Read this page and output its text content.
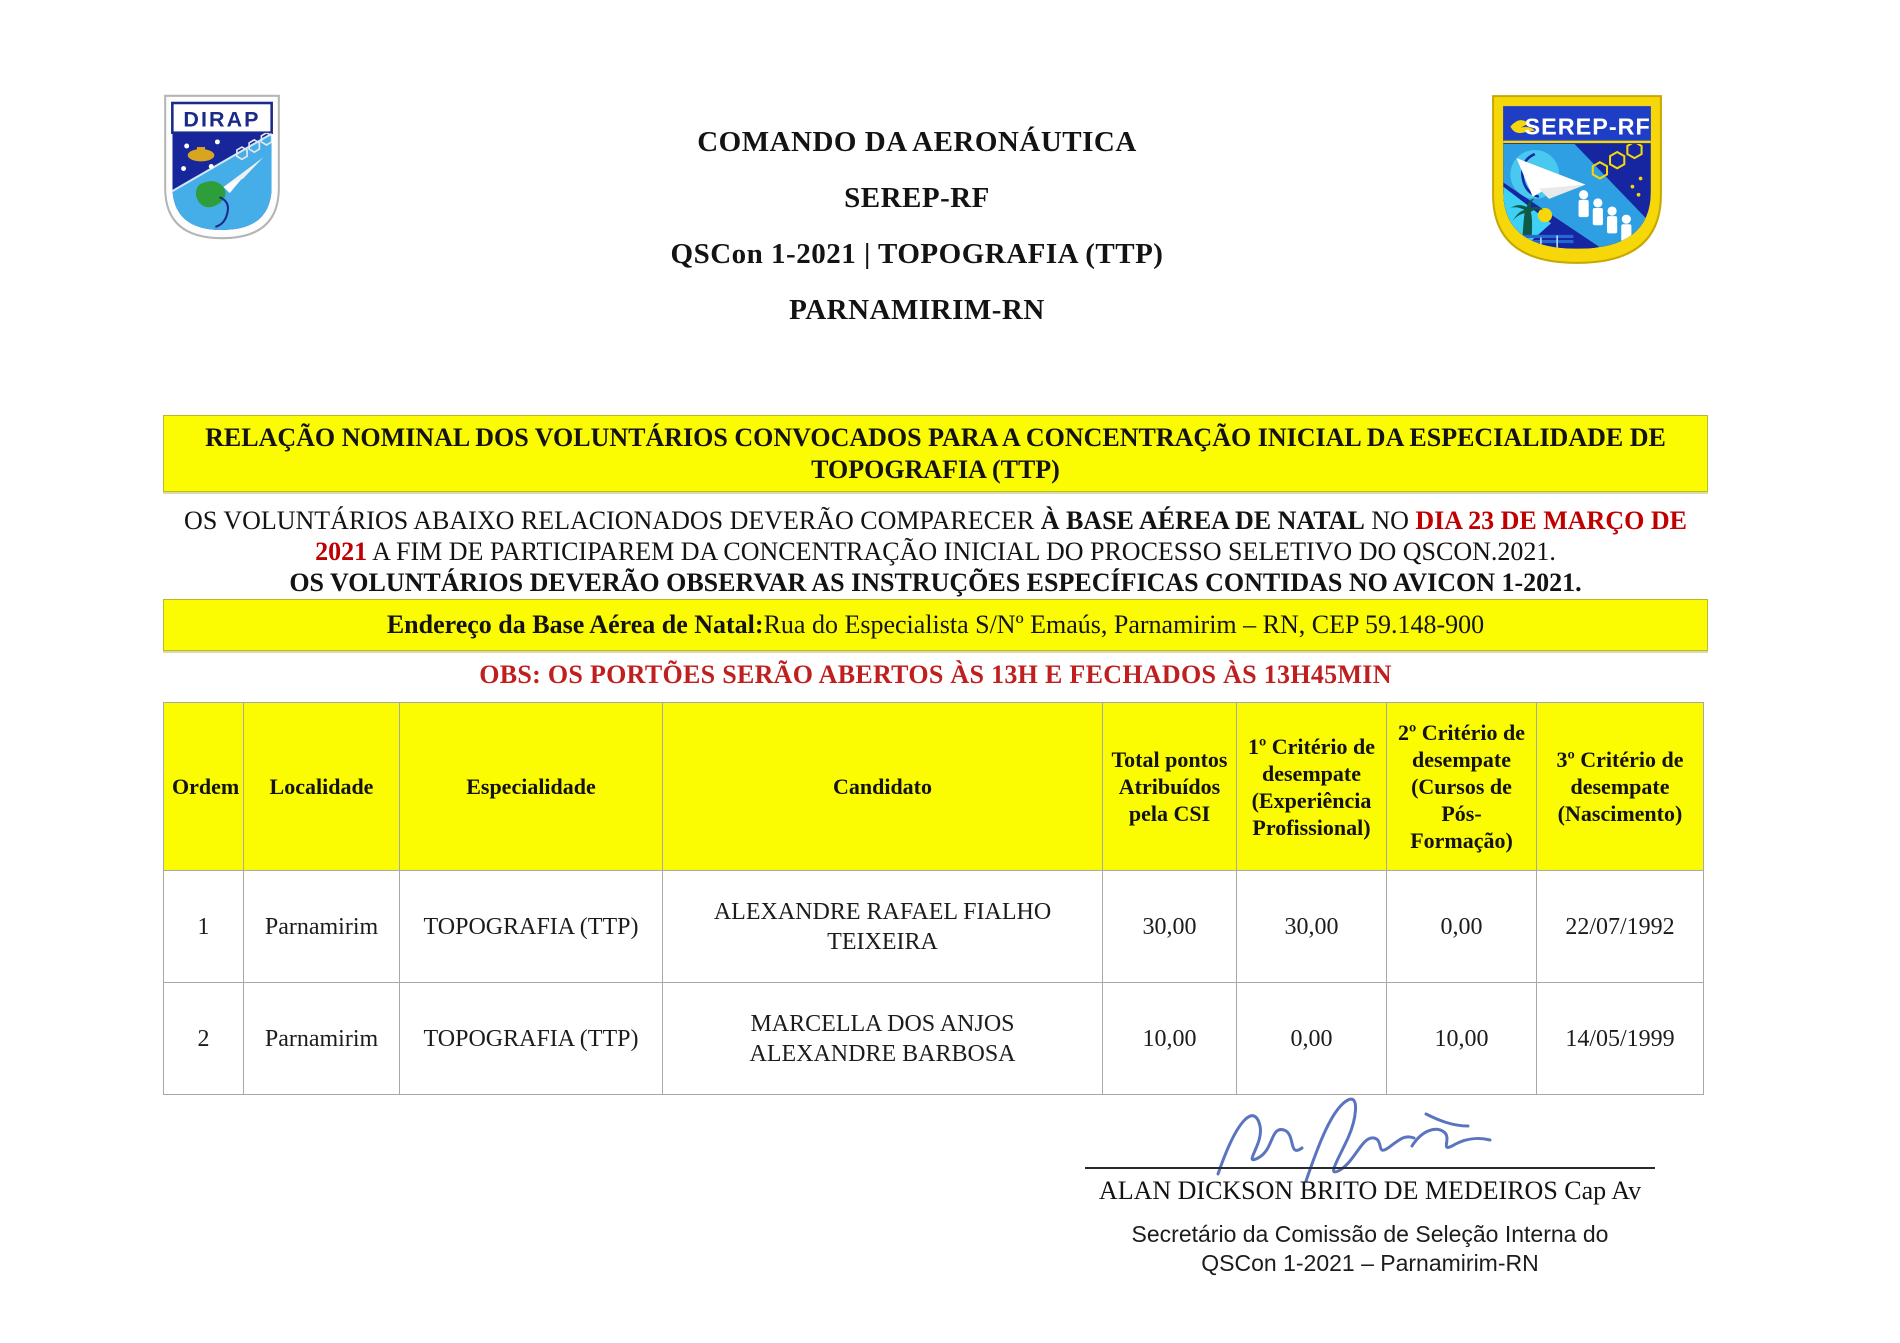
DIRAP	SEREP-RF
COMANDO DA AERONÁUTICA
SEREP-RF
QSCon 1-2021 | TOPOGRAFIA (TTP)
PARNAMIRIM-RN
RELAÇÃO NOMINAL DOS VOLUNTÁRIOS CONVOCADOS PARA A CONCENTRAÇÃO INICIAL DA ESPECIALIDADE DE
TOPOGRAFIA (TTP)
OS VOLUNTÁRIOS ABAIXO RELACIONADOS DEVERÃO COMPARECER À BASE AÉREA DE NATAL NO DIA 23 DE MARÇO DE
2021 A FIM DE PARTICIPAREM DA CONCENTRAÇÃO INICIAL DO PROCESSO SELETIVO DO QSCON.2021.
OS VOLUNTÁRIOS DEVERÃO OBSERVAR AS INSTRUÇÕES ESPECÍFICAS CONTIDAS NO AVICON 1-2021.
Endereço da Base Aérea de Natal: Rua do Especialista S/Nº Emaús, Parnamirim – RN, CEP 59.148-900
OBS: OS PORTÕES SERÃO ABERTOS ÀS 13H E FECHADOS ÀS 13H45MIN
Ordem	Localidade	Especialidade	Candidato	Total pontos Atribuídos pela CSI	1º Critério de desempate (Experiência Profissional)	2º Critério de desempate (Cursos de Pós-Formação)	3º Critério de desempate (Nascimento)
1	Parnamirim	TOPOGRAFIA (TTP)	ALEXANDRE RAFAEL FIALHO TEIXEIRA	30,00	30,00	0,00	22/07/1992
2	Parnamirim	TOPOGRAFIA (TTP)	MARCELLA DOS ANJOS ALEXANDRE BARBOSA	10,00	0,00	10,00	14/05/1999
ALAN DICKSON BRITO DE MEDEIROS Cap Av
Secretário da Comissão de Seleção Interna do
QSCon 1-2021 – Parnamirim-RN
